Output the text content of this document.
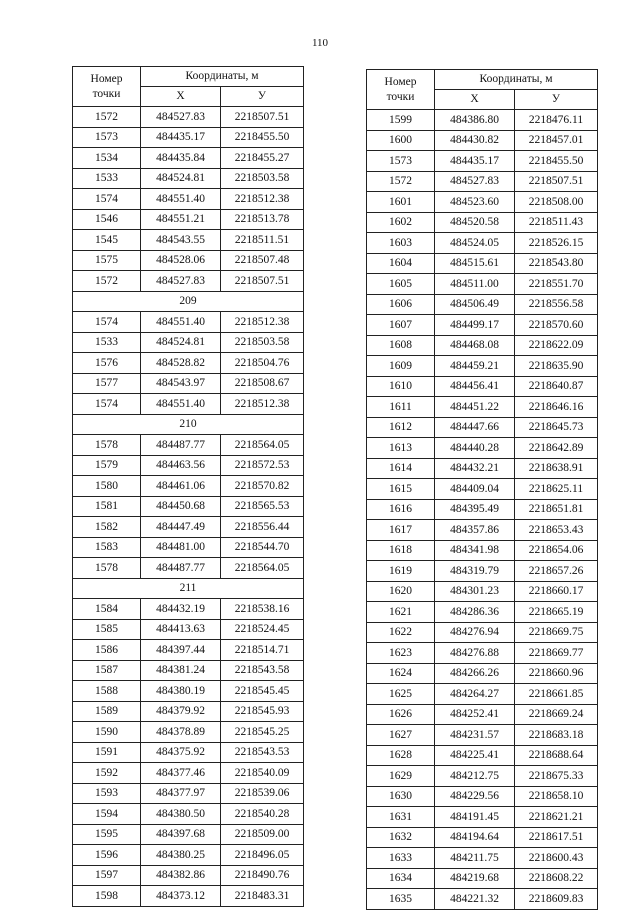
110
Номер
точки	Координаты, м	
	X	У
1572	484527.83	2218507.51
1573	484435.17	2218455.50
1534	484435.84	2218455.27
1533	484524.81	2218503.58
1574	484551.40	2218512.38
1546	484551.21	2218513.78
1545	484543.55	2218511.51
1575	484528.06	2218507.48
1572	484527.83	2218507.51
209		
1574	484551.40	2218512.38
1533	484524.81	2218503.58
1576	484528.82	2218504.76
1577	484543.97	2218508.67
1574	484551.40	2218512.38
210		
1578	484487.77	2218564.05
1579	484463.56	2218572.53
1580	484461.06	2218570.82
1581	484450.68	2218565.53
1582	484447.49	2218556.44
1583	484481.00	2218544.70
1578	484487.77	2218564.05
211		
1584	484432.19	2218538.16
1585	484413.63	2218524.45
1586	484397.44	2218514.71
1587	484381.24	2218543.58
1588	484380.19	2218545.45
1589	484379.92	2218545.93
1590	484378.89	2218545.25
1591	484375.92	2218543.53
1592	484377.46	2218540.09
1593	484377.97	2218539.06
1594	484380.50	2218540.28
1595	484397.68	2218509.00
1596	484380.25	2218496.05
1597	484382.86	2218490.76
1598	484373.12	2218483.31
Номер
точки	Координаты, м	
	X	У
1599	484386.80	2218476.11
1600	484430.82	2218457.01
1573	484435.17	2218455.50
1572	484527.83	2218507.51
1601	484523.60	2218508.00
1602	484520.58	2218511.43
1603	484524.05	2218526.15
1604	484515.61	2218543.80
1605	484511.00	2218551.70
1606	484506.49	2218556.58
1607	484499.17	2218570.60
1608	484468.08	2218622.09
1609	484459.21	2218635.90
1610	484456.41	2218640.87
1611	484451.22	2218646.16
1612	484447.66	2218645.73
1613	484440.28	2218642.89
1614	484432.21	2218638.91
1615	484409.04	2218625.11
1616	484395.49	2218651.81
1617	484357.86	2218653.43
1618	484341.98	2218654.06
1619	484319.79	2218657.26
1620	484301.23	2218660.17
1621	484286.36	2218665.19
1622	484276.94	2218669.75
1623	484276.88	2218669.77
1624	484266.26	2218660.96
1625	484264.27	2218661.85
1626	484252.41	2218669.24
1627	484231.57	2218683.18
1628	484225.41	2218688.64
1629	484212.75	2218675.33
1630	484229.56	2218658.10
1631	484191.45	2218621.21
1632	484194.64	2218617.51
1633	484211.75	2218600.43
1634	484219.68	2218608.22
1635	484221.32	2218609.83
